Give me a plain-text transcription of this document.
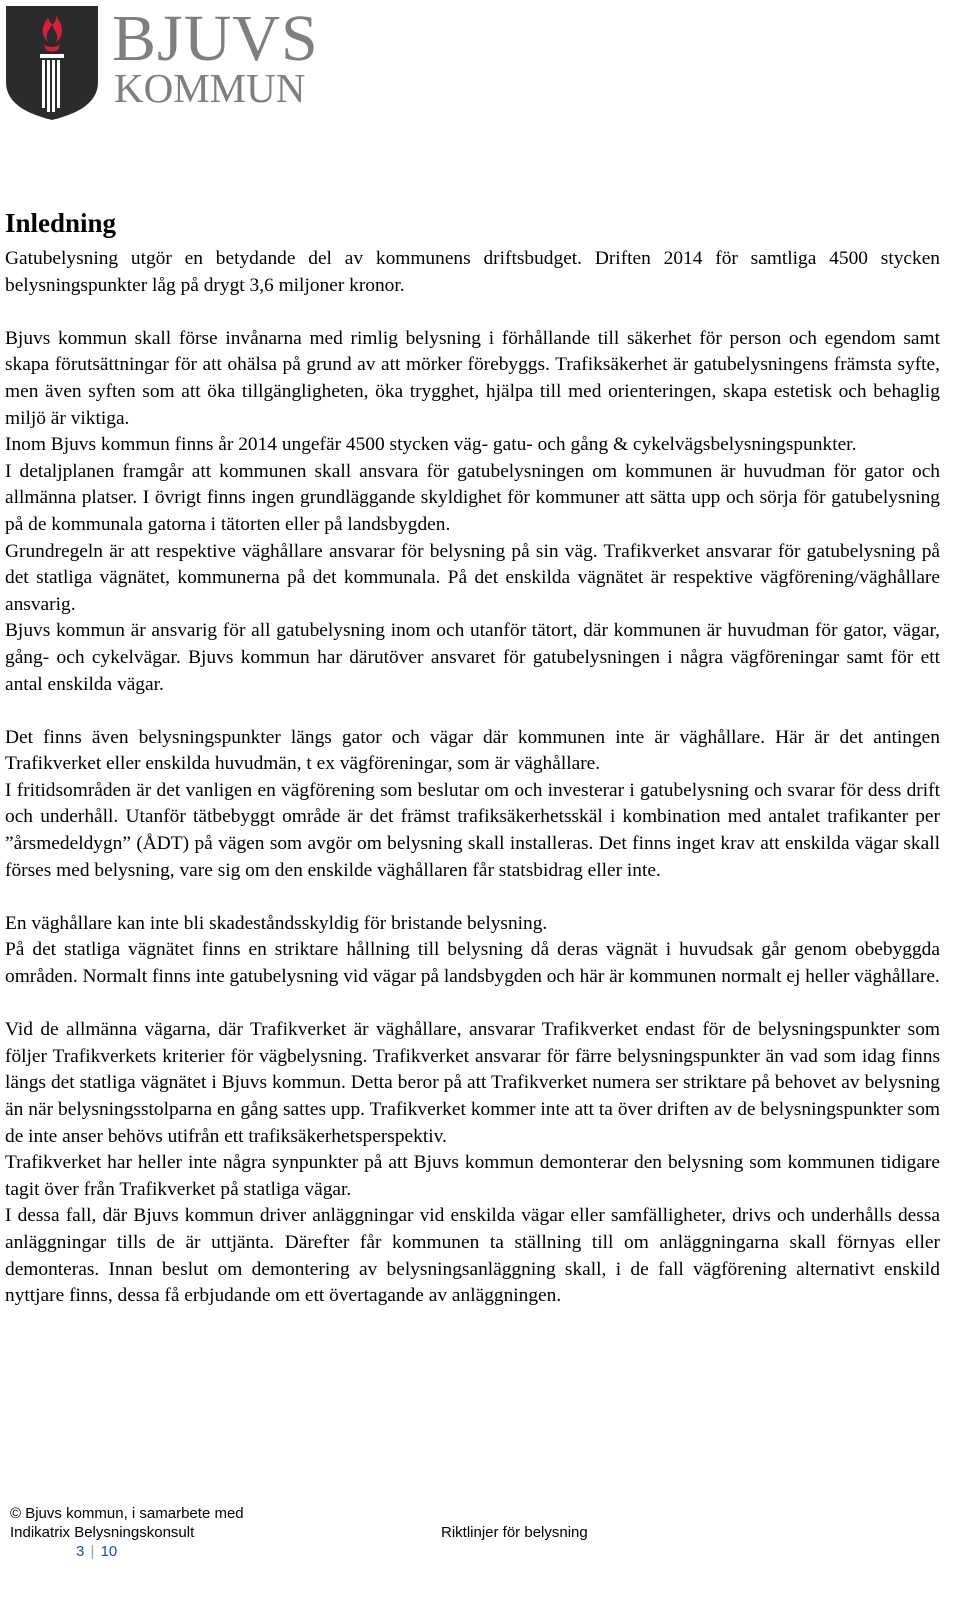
BJUVS
KOMMUN
Inledning

Gatubelysning utgör en betydande del av kommunens driftsbudget. Driften 2014 för samtliga 4500 stycken belysningspunkter låg på drygt 3,6 miljoner kronor.

Bjuvs kommun skall förse invånarna med rimlig belysning i förhållande till säkerhet för person och egendom samt skapa förutsättningar för att ohälsa på grund av att mörker förebyggs. Trafiksäkerhet är gatubelysningens främsta syfte, men även syften som att öka tillgängligheten, öka trygghet, hjälpa till med orienteringen, skapa estetisk och behaglig miljö är viktiga.

Inom Bjuvs kommun finns år 2014 ungefär 4500 stycken väg- gatu- och gång & cykelvägsbelysningspunkter.

I detaljplanen framgår att kommunen skall ansvara för gatubelysningen om kommunen är huvudman för gator och allmänna platser. I övrigt finns ingen grundläggande skyldighet för kommuner att sätta upp och sörja för gatubelysning på de kommunala gatorna i tätorten eller på landsbygden.

Grundregeln är att respektive väghållare ansvarar för belysning på sin väg. Trafikverket ansvarar för gatubelysning på det statliga vägnätet, kommunerna på det kommunala. På det enskilda vägnätet är respektive vägförening/väghållare ansvarig.

Bjuvs kommun är ansvarig för all gatubelysning inom och utanför tätort, där kommunen är huvudman för gator, vägar, gång- och cykelvägar. Bjuvs kommun har därutöver ansvaret för gatubelysningen i några vägföreningar samt för ett antal enskilda vägar.

Det finns även belysningspunkter längs gator och vägar där kommunen inte är väghållare. Här är det antingen Trafikverket eller enskilda huvudmän, t ex vägföreningar, som är väghållare.

I fritidsområden är det vanligen en vägförening som beslutar om och investerar i gatubelysning och svarar för dess drift och underhåll. Utanför tätbebyggt område är det främst trafiksäkerhetsskäl i kombination med antalet trafikanter per ”årsmedeldygn” (ÅDT) på vägen som avgör om belysning skall installeras. Det finns inget krav att enskilda vägar skall förses med belysning, vare sig om den enskilde väghållaren får statsbidrag eller inte.

En väghållare kan inte bli skadeståndsskyldig för bristande belysning.

På det statliga vägnätet finns en striktare hållning till belysning då deras vägnät i huvudsak går genom obebyggda områden. Normalt finns inte gatubelysning vid vägar på landsbygden och här är kommunen normalt ej heller väghållare.

Vid de allmänna vägarna, där Trafikverket är väghållare, ansvarar Trafikverket endast för de belysningspunkter som följer Trafikverkets kriterier för vägbelysning. Trafikverket ansvarar för färre belysningspunkter än vad som idag finns längs det statliga vägnätet i Bjuvs kommun. Detta beror på att Trafikverket numera ser striktare på behovet av belysning än när belysningsstolparna en gång sattes upp. Trafikverket kommer inte att ta över driften av de belysningspunkter som de inte anser behövs utifrån ett trafiksäkerhetsperspektiv.

Trafikverket har heller inte några synpunkter på att Bjuvs kommun demonterar den belysning som kommunen tidigare tagit över från Trafikverket på statliga vägar.

I dessa fall, där Bjuvs kommun driver anläggningar vid enskilda vägar eller samfälligheter, drivs och underhålls dessa anläggningar tills de är uttjänta. Därefter får kommunen ta ställning till om anläggningarna skall förnyas eller demonteras. Innan beslut om demontering av belysningsanläggning skall, i de fall vägförening alternativt enskild nyttjare finns, dessa få erbjudande om ett övertagande av anläggningen.

© Bjuvs kommun, i samarbete med
Indikatrix Belysningskonsult	Riktlinjer för belysning
3 | 10
